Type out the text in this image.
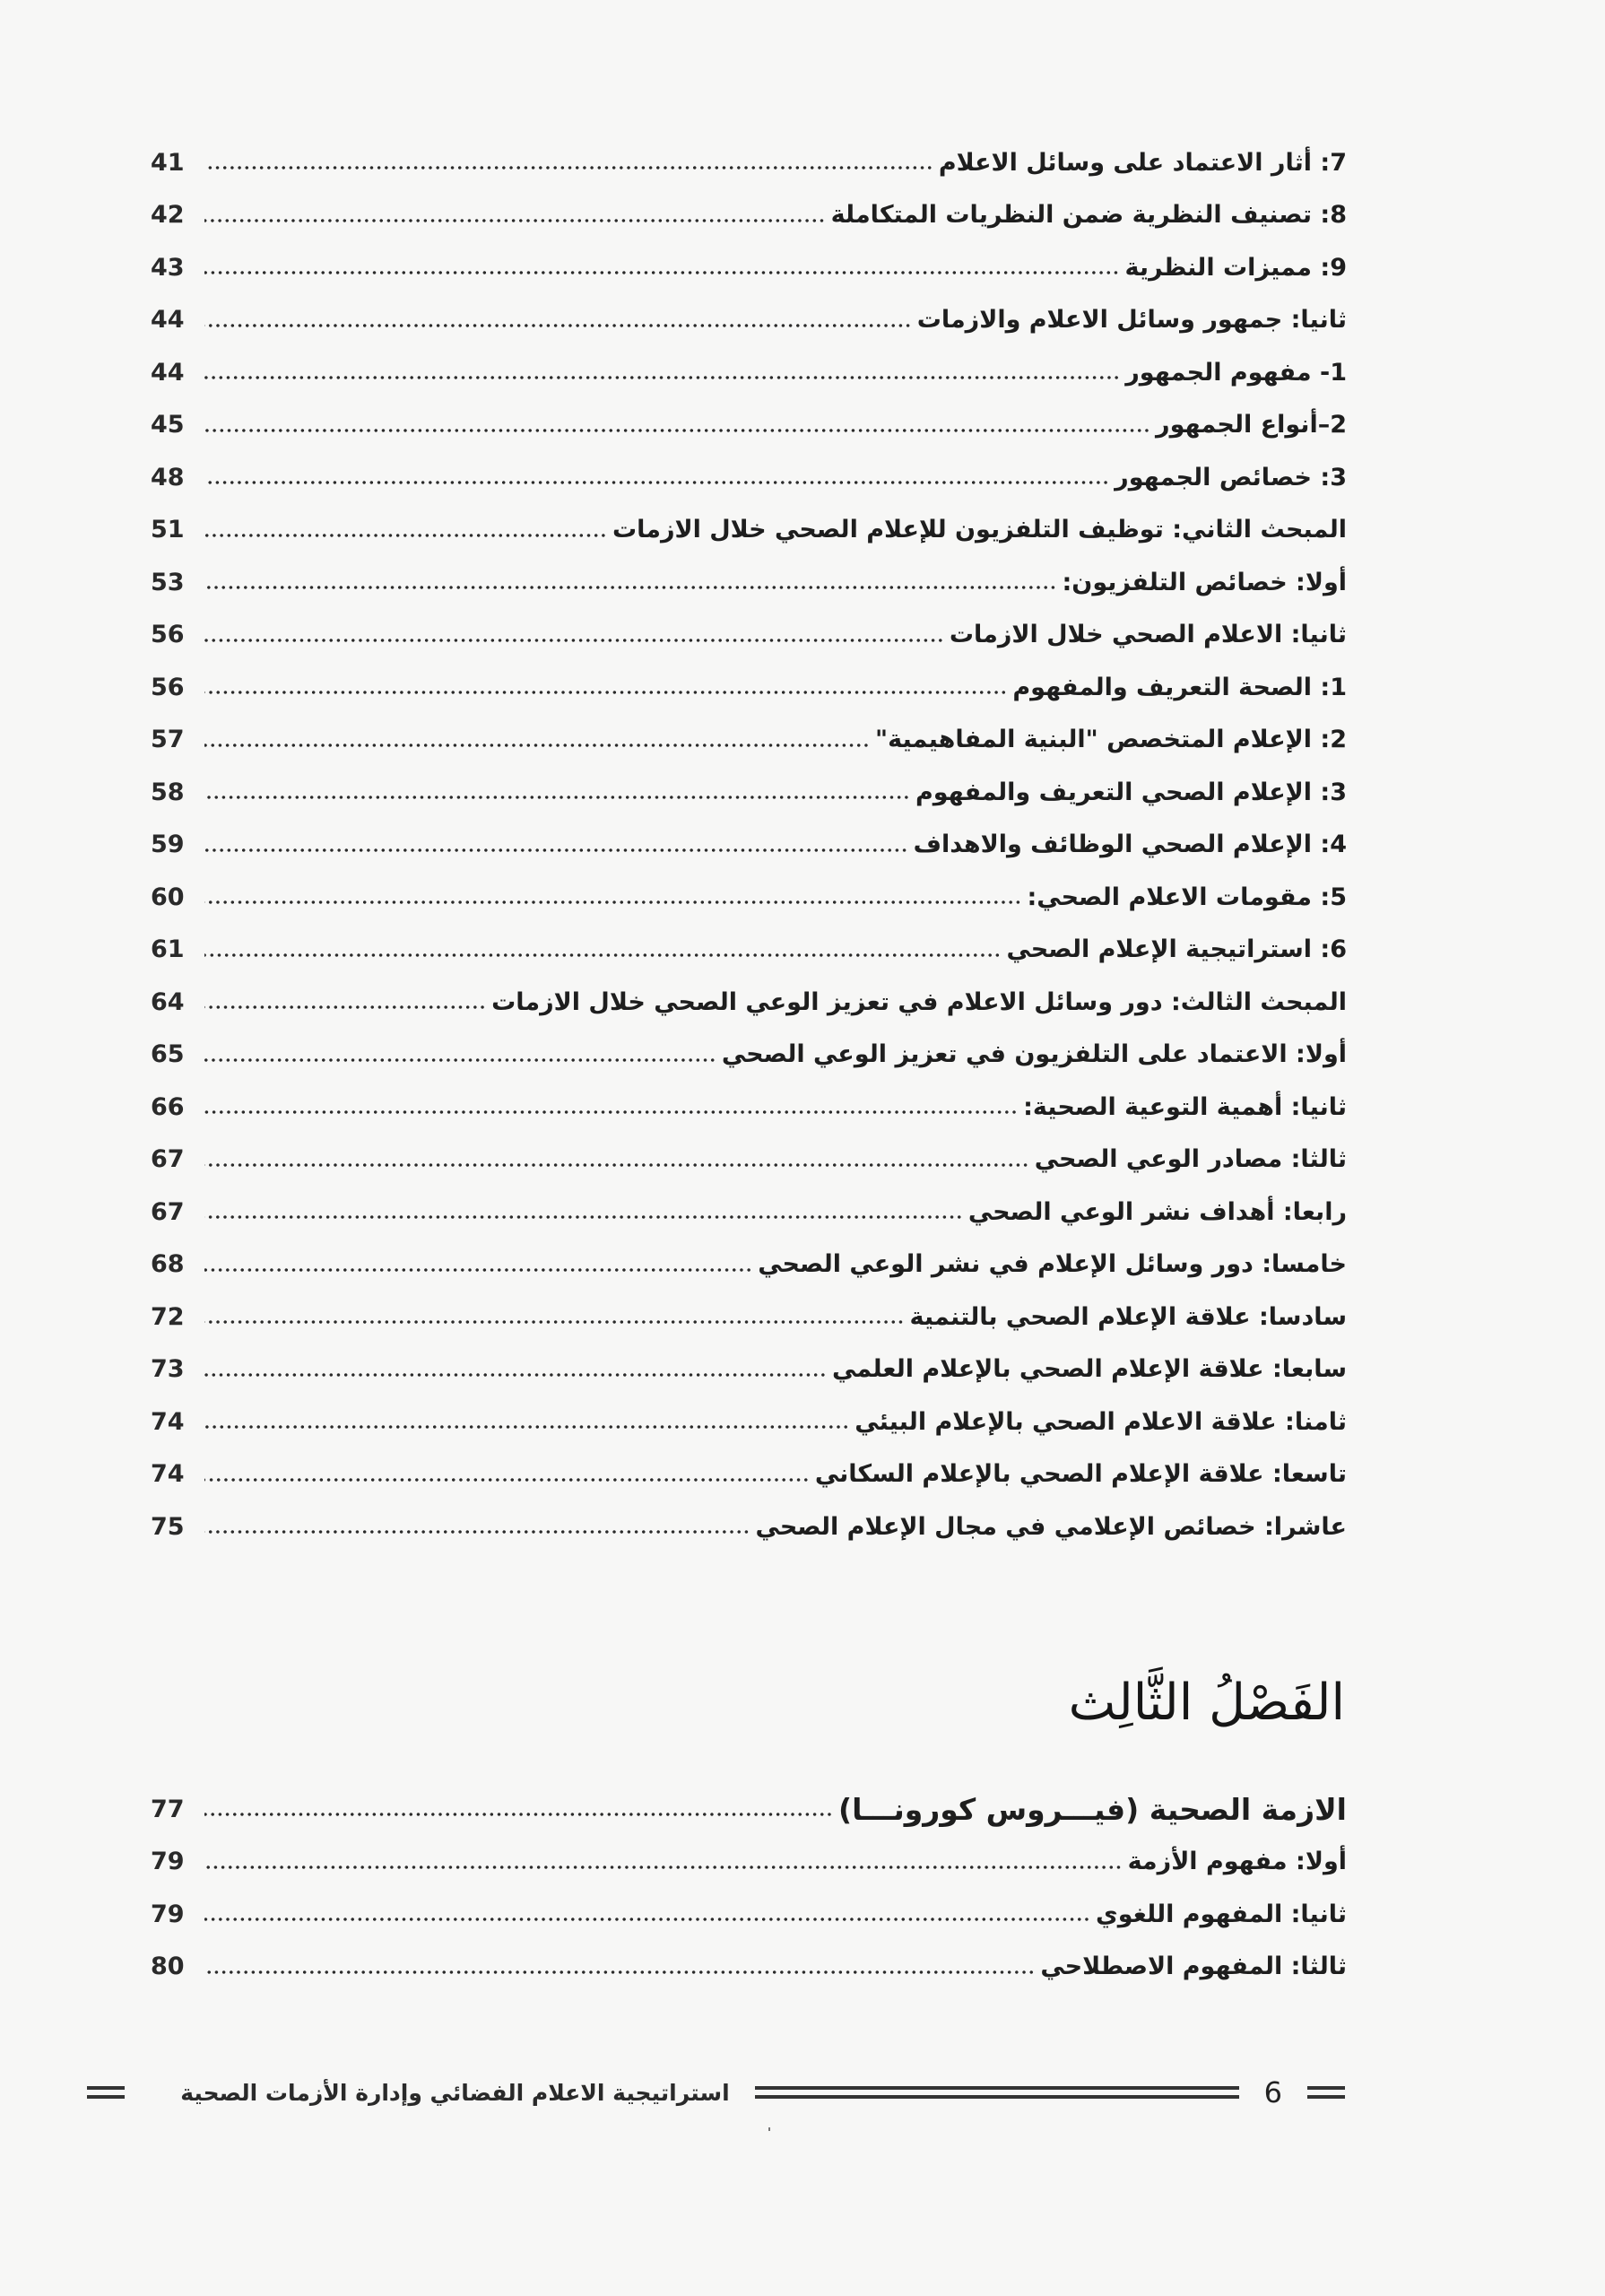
7: أثار الاعتماد على وسائل الاعلام
41
8: تصنيف النظرية ضمن النظريات المتكاملة
42
9: مميزات النظرية
43
ثانيا: جمهور وسائل الاعلام والازمات
44
1- مفهوم الجمهور
44
2–أنواع الجمهور
45
3: خصائص الجمهور
48
المبحث الثاني: توظيف التلفزيون للإعلام الصحي خلال الازمات
51
أولا: خصائص التلفزيون:
53
ثانيا: الاعلام الصحي خلال الازمات
56
1: الصحة التعريف والمفهوم
56
2: الإعلام المتخصص "البنية المفاهيمية"
57
3: الإعلام الصحي التعريف والمفهوم
58
4: الإعلام الصحي الوظائف والاهداف
59
5: مقومات الاعلام الصحي:
60
6: استراتيجية الإعلام الصحي
61
المبحث الثالث: دور وسائل الاعلام في تعزيز الوعي الصحي خلال الازمات
64
أولا: الاعتماد على التلفزيون في تعزيز الوعي الصحي
65
ثانيا: أهمية التوعية الصحية:
66
ثالثا: مصادر الوعي الصحي
67
رابعا: أهداف نشر الوعي الصحي
67
خامسا: دور وسائل الإعلام في نشر الوعي الصحي
68
سادسا: علاقة الإعلام الصحي بالتنمية
72
سابعا: علاقة الإعلام الصحي بالإعلام العلمي
73
ثامنا: علاقة الاعلام الصحي بالإعلام البيئي
74
تاسعا: علاقة الإعلام الصحي بالإعلام السكاني
74
عاشرا: خصائص الإعلامي في مجال الإعلام الصحي
75
الفَصْلُ الثَّالِث
الازمة الصحية (فيـــروس كورونـــا)
77
أولا: مفهوم الأزمة
79
ثانيا: المفهوم اللغوي
79
ثالثا: المفهوم الاصطلاحي
80
6
استراتيجية الاعلام الفضائي وإدارة الأزمات الصحية
